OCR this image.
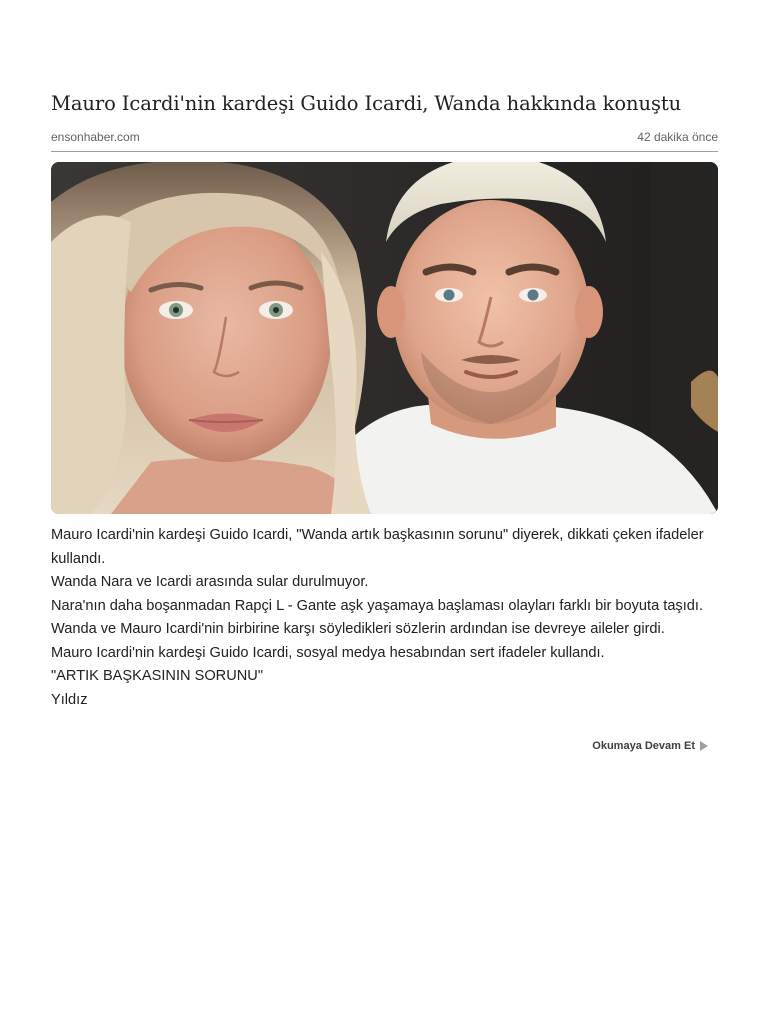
Mauro Icardi'nin kardeşi Guido Icardi, Wanda hakkında konuştu
ensonhaber.com	42 dakika önce

Mauro Icardi'nin kardeşi Guido Icardi, "Wanda artık başkasının sorunu" diyerek, dikkati çeken ifadeler kullandı.

Wanda Nara ve Icardi arasında sular durulmuyor.

Nara'nın daha boşanmadan Rapçi L - Gante aşk yaşamaya başlaması olayları farklı bir boyuta taşıdı.

Wanda ve Mauro Icardi'nin birbirine karşı söyledikleri sözlerin ardından ise devreye aileler girdi.

Mauro Icardi'nin kardeşi Guido Icardi, sosyal medya hesabından sert ifadeler kullandı.

"ARTIK BAŞKASININ SORUNU"

Yıldız

Okumaya Devam Et
